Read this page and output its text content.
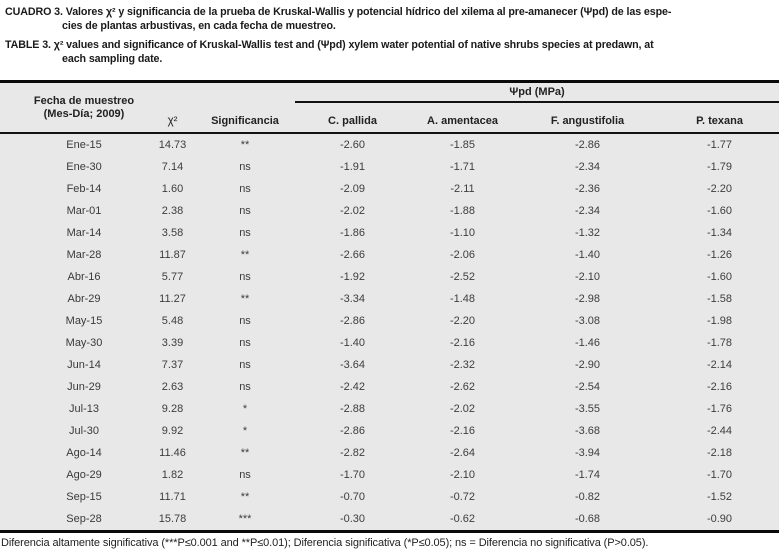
CUADRO 3. Valores χ² y significancia de la prueba de Kruskal-Wallis y potencial hídrico del xilema al pre-amanecer (Ψpd) de las espe-
cies de plantas arbustivas, en cada fecha de muestreo.

TABLE 3. χ² values and significance of Kruskal-Wallis test and (Ψpd) xylem water potential of native shrubs species at predawn, at
each sampling date.

Fecha de muestreo
(Mes-Día; 2009)	χ²	Significancia	Ψpd (MPa)			
			C. pallida	A. amentacea	F. angustifolia	P. texana
Ene-15	14.73	**	-2.60	-1.85	-2.86	-1.77
Ene-30	7.14	ns	-1.91	-1.71	-2.34	-1.79
Feb-14	1.60	ns	-2.09	-2.11	-2.36	-2.20
Mar-01	2.38	ns	-2.02	-1.88	-2.34	-1.60
Mar-14	3.58	ns	-1.86	-1.10	-1.32	-1.34
Mar-28	11.87	**	-2.66	-2.06	-1.40	-1.26
Abr-16	5.77	ns	-1.92	-2.52	-2.10	-1.60
Abr-29	11.27	**	-3.34	-1.48	-2.98	-1.58
May-15	5.48	ns	-2.86	-2.20	-3.08	-1.98
May-30	3.39	ns	-1.40	-2.16	-1.46	-1.78
Jun-14	7.37	ns	-3.64	-2.32	-2.90	-2.14
Jun-29	2.63	ns	-2.42	-2.62	-2.54	-2.16
Jul-13	9.28	*	-2.88	-2.02	-3.55	-1.76
Jul-30	9.92	*	-2.86	-2.16	-3.68	-2.44
Ago-14	11.46	**	-2.82	-2.64	-3.94	-2.18
Ago-29	1.82	ns	-1.70	-2.10	-1.74	-1.70
Sep-15	11.71	**	-0.70	-0.72	-0.82	-1.52
Sep-28	15.78	***	-0.30	-0.62	-0.68	-0.90

Diferencia altamente significativa (***P≤0.001 and **P≤0.01); Diferencia significativa (*P≤0.05); ns = Diferencia no significativa (P>0.05).
